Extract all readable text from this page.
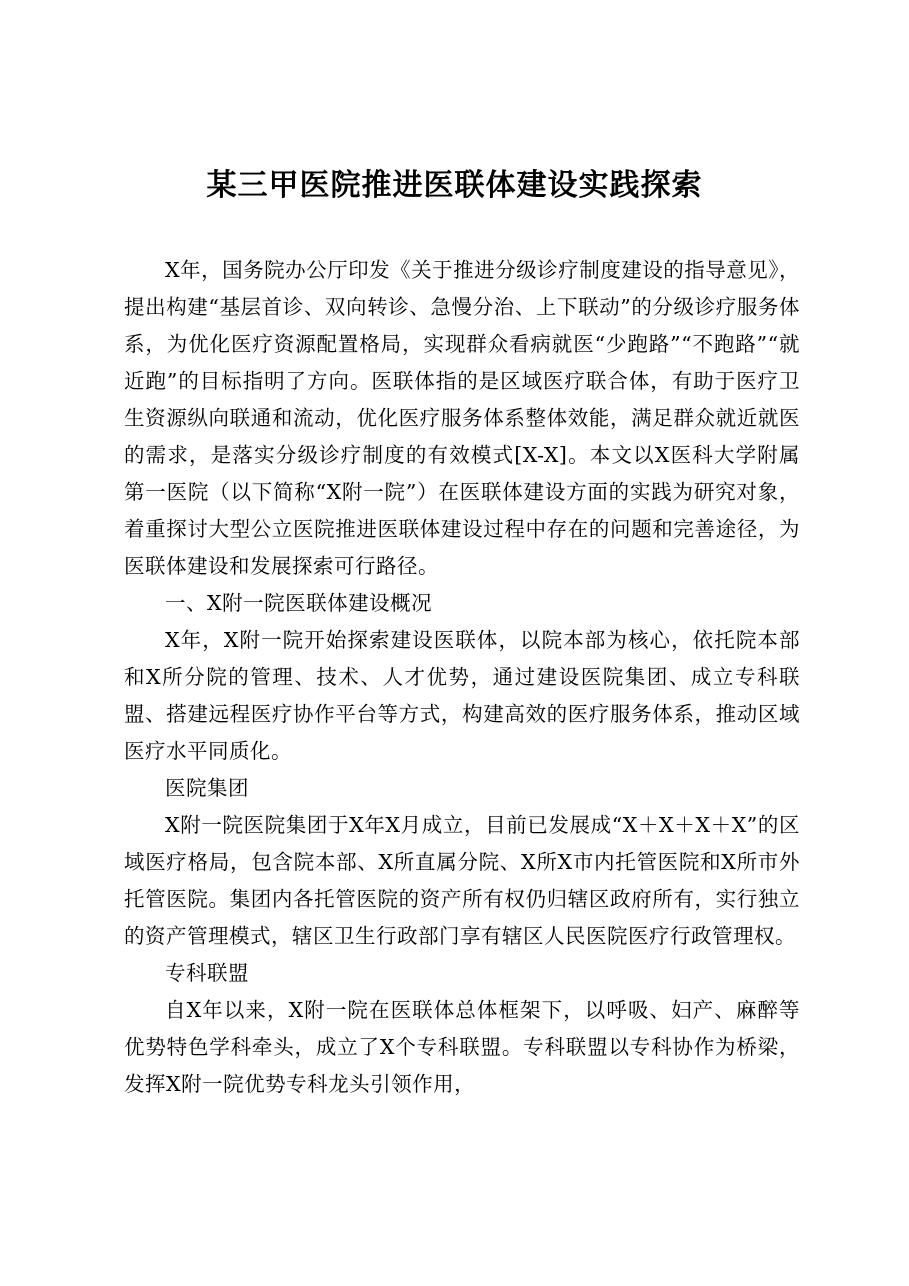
某三甲医院推进医联体建设实践探索

X年，国务院办公厅印发《关于推进分级诊疗制度建设的指导意见》，提出构建“基层首诊、双向转诊、急慢分治、上下联动”的分级诊疗服务体系，为优化医疗资源配置格局，实现群众看病就医“少跑路”“不跑路”“就近跑”的目标指明了方向。医联体指的是区域医疗联合体，有助于医疗卫生资源纵向联通和流动，优化医疗服务体系整体效能，满足群众就近就医的需求，是落实分级诊疗制度的有效模式[X-X]。本文以X医科大学附属第一医院（以下简称“X附一院”）在医联体建设方面的实践为研究对象，着重探讨大型公立医院推进医联体建设过程中存在的问题和完善途径，为医联体建设和发展探索可行路径。

一、X附一院医联体建设概况

X年，X附一院开始探索建设医联体，以院本部为核心，依托院本部和X所分院的管理、技术、人才优势，通过建设医院集团、成立专科联盟、搭建远程医疗协作平台等方式，构建高效的医疗服务体系，推动区域医疗水平同质化。

医院集团

X附一院医院集团于X年X月成立，目前已发展成“X＋X＋X＋X”的区域医疗格局，包含院本部、X所直属分院、X所X市内托管医院和X所市外托管医院。集团内各托管医院的资产所有权仍归辖区政府所有，实行独立的资产管理模式，辖区卫生行政部门享有辖区人民医院医疗行政管理权。

专科联盟

自X年以来，X附一院在医联体总体框架下，以呼吸、妇产、麻醉等优势特色学科牵头，成立了X个专科联盟。专科联盟以专科协作为桥梁，发挥X附一院优势专科龙头引领作用，
